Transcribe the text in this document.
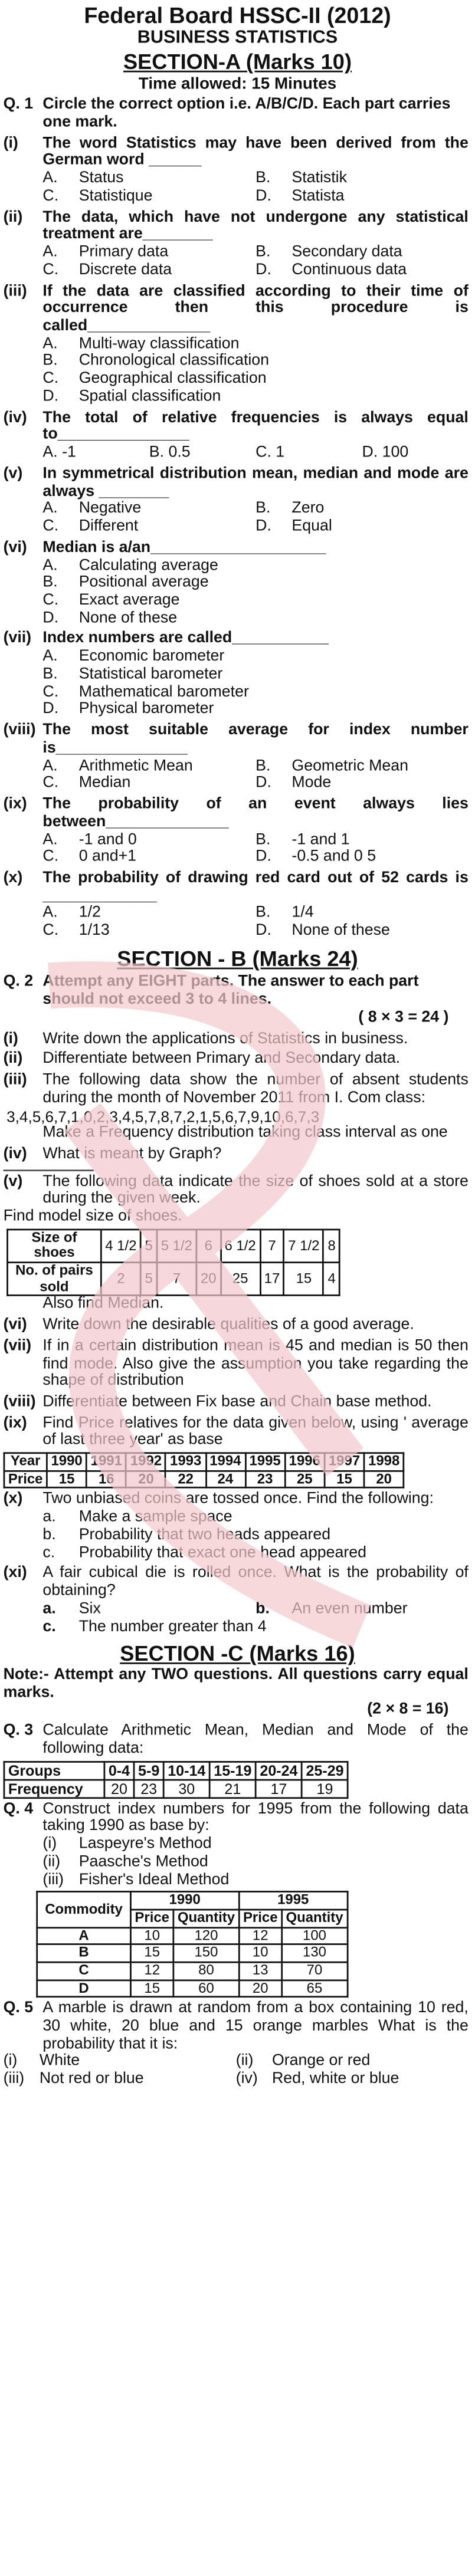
Federal Board HSSC-II (2012)
BUSINESS STATISTICS
SECTION-A (Marks 10)
Time allowed: 15 Minutes
Q. 1	Circle the correct option i.e. A/B/C/D. Each part carries one mark.
(i)	The word Statistics may have been derived from the German word ______
A.	Status	B.	Statistik
C.	Statistique	D.	Statista
(ii)	The data, which have not undergone any statistical treatment are________
A.	Primary data	B.	Secondary data
C.	Discrete data	D.	Continuous data
(iii)	If the data are classified according to their time of occurrence then this procedure is called______________
A.	Multi-way classification
B.	Chronological classification
C.	Geographical classification
D.	Spatial classification
(iv)	The total of relative frequencies is always equal to_______________
A. -1	B. 0.5	C. 1	D. 100
(v)	In symmetrical distribution mean, median and mode are always ________
A.	Negative	B.	Zero
C.	Different	D.	Equal
(vi)	Median is a/an____________________
A.	Calculating average
B.	Positional average
C.	Exact average
D.	None of these
(vii)	Index numbers are called___________
A.	Economic barometer
B.	Statistical barometer
C.	Mathematical barometer
D.	Physical barometer
(viii)	The most suitable average for index number is_______________
A.	Arithmetic Mean	B.	Geometric Mean
C.	Median	D.	Mode
(ix)	The probability of an event always lies between______________
A.	-1 and 0	B.	-1 and 1
C.	0 and+1	D.	-0.5 and 0 5
(x)	The probability of drawing red card out of 52 cards is _____________
A.	1/2	B.	1/4
C.	1/13	D.	None of these
SECTION - B (Marks 24)
Q. 2	Attempt any EIGHT parts. The answer to each part should not exceed 3 to 4 lines.
( 8 × 3 = 24 )
(i)	Write down the applications of Statistics in business.
(ii)	Differentiate between Primary and Secondary data.
(iii)	The following data show the number of absent students during the month of November 2011 from I. Com class:
3,4,5,6,7,1,0,2,3,4,5,7,8,7,2,1,5,6,7,9,10,6,7,3
Make a Frequency distribution taking class interval as one
(iv)	What is meant by Graph?
(v)	The following data indicate the size of shoes sold at a store during the given week.
Find model size of shoes.
Size of shoes	4 1/2	5	5 1/2	6	6 1/2	7	7 1/2	8
No. of pairs sold	2	5	7	20	25	17	15	4
Also find Median.
(vi)	Write down the desirable qualities of a good average.
(vii)	If in a certain distribution mean is 45 and median is 50 then find mode. Also give the assumption you take regarding the shape of distribution
(viii)	Differentiate between Fix base and Chain base method.
(ix)	Find Price relatives for the data given below, using ' average of last three year' as base
Year	1990	1991	1992	1993	1994	1995	1996	1997	1998
Price	15	16	20	22	24	23	25	15	20
(x)	Two unbiased coins are tossed once. Find the following:
a.	Make a sample space
b.	Probability that two heads appeared
c.	Probability that exact one head appeared
(xi)	A fair cubical die is rolled once. What is the probability of obtaining?
a.	Six	b.	An even number
c.	The number greater than 4
SECTION -C (Marks 16)
Note:- Attempt any TWO questions. All questions carry equal marks.
(2 × 8 = 16)
Q. 3	Calculate Arithmetic Mean, Median and Mode of the following data:
Groups	0-4	5-9	10-14	15-19	20-24	25-29
Frequency	20	23	30	21	17	19
Q. 4	Construct index numbers for 1995 from the following data taking 1990 as base by:
(i)	Laspeyre's Method
(ii)	Paasche's Method
(iii)	Fisher's Ideal Method
Commodity	1990		1995	
	Price	Quantity	Price	Quantity
A	10	120	12	100
B	15	150	10	130
C	12	80	13	70
D	15	60	20	65
Q. 5	A marble is drawn at random from a box containing 10 red, 30 white, 20 blue and 15 orange marbles What is the probability that it is:
(i)	White	(ii)	Orange or red
(iii)	Not red or blue	(iv)	Red, white or blue
